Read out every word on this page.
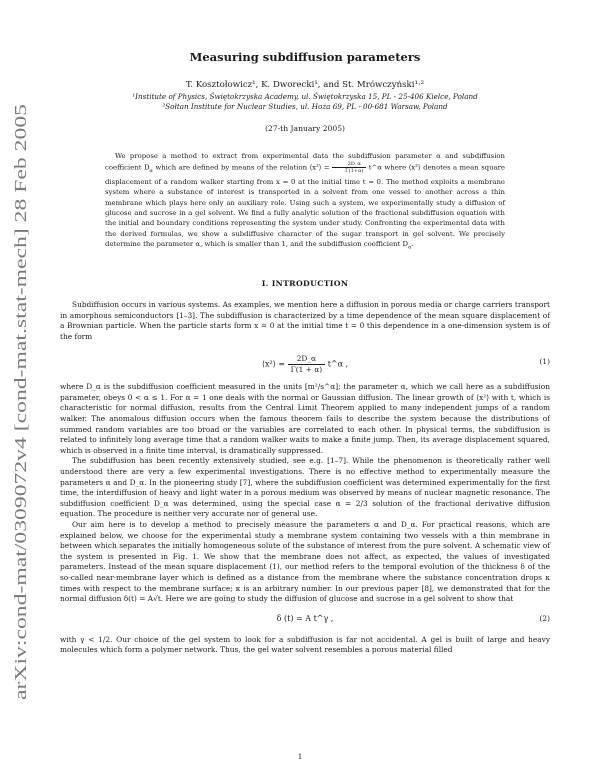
arXiv:cond-mat/0309072v4 [cond-mat.stat-mech] 28 Feb 2005
Measuring subdiffusion parameters
T. Kosztołowicz¹, K. Dworecki¹, and St. Mrówczyński¹·²

¹Institute of Physics, Świętokrzyska Academy, ul. Świętokrzyska 15, PL - 25-406 Kielce, Poland

²Sołtan Institute for Nuclear Studies, ul. Hoża 69, PL - 00-681 Warsaw, Poland

(27-th January 2005)

We propose a method to extract from experimental data the subdiffusion parameter α and subdiffusion coefficient $D_\alpha$ which are defined by means of the relation ⟨x²⟩ = $\frac{2D\_\alpha}{\Gamma(1+\alpha)}$ t^α where ⟨x²⟩ denotes a mean square displacement of a random walker starting from x = 0 at the initial time t = 0. The method exploits a membrane system where a substance of interest is transported in a solvent from one vessel to another across a thin membrane which plays here only an auxiliary role. Using such a system, we experimentally study a diffusion of glucose and sucrose in a gel solvent. We find a fully analytic solution of the fractional subdiffusion equation with the initial and boundary conditions representing the system under study. Confronting the experimental data with the derived formulas, we show a subdiffusive character of the sugar transport in gel solvent. We precisely determine the parameter α, which is smaller than 1, and the subdiffusion coefficient $D_\alpha$.

I. INTRODUCTION

Subdiffusion occurs in various systems. As examples, we mention here a diffusion in porous media or charge carriers transport in amorphous semiconductors [1–3]. The subdiffusion is characterized by a time dependence of the mean square displacement of a Brownian particle. When the particle starts form x = 0 at the initial time t = 0 this dependence in a one-dimension system is of the form

⟨x²⟩ = $\frac{2D\_\alpha}{\Gamma(1 + \alpha)}$ t^α ,	(1)

where D_α is the subdiffusion coefficient measured in the units [m²/s^α]; the parameter α, which we call here as a subdiffusion parameter, obeys 0 < α ≤ 1. For α = 1 one deals with the normal or Gaussian diffusion. The linear growth of ⟨x²⟩ with t, which is characteristic for normal diffusion, results from the Central Limit Theorem applied to many independent jumps of a random walker. The anomalous diffusion occurs when the famous theorem fails to describe the system because the distributions of summed random variables are too broad or the variables are correlated to each other. In physical terms, the subdiffusion is related to infinitely long average time that a random walker waits to make a finite jump. Then, its average displacement squared, which is observed in a finite time interval, is dramatically suppressed.

The subdiffusion has been recently extensively studied, see e.g. [1–7]. While the phenomenon is theoretically rather well understood there are very a few experimental investigations. There is no effective method to experimentally measure the parameters α and D_α. In the pioneering study [7], where the subdiffusion coefficient was determined experimentally for the first time, the interdiffusion of heavy and light water in a porous medium was observed by means of nuclear magnetic resonance. The subdiffusion coefficient D_α was determined, using the special case α = 2/3 solution of the fractional derivative diffusion equation. The procedure is neither very accurate nor of general use.

Our aim here is to develop a method to precisely measure the parameters α and D_α. For practical reasons, which are explained below, we choose for the experimental study a membrane system containing two vessels with a thin membrane in between which separates the initially homogeneous solute of the substance of interest from the pure solvent. A schematic view of the system is presented in Fig. 1. We show that the membrane does not affect, as expected, the values of investigated parameters. Instead of the mean square displacement (1), our method refers to the temporal evolution of the thickness δ of the so-called near-membrane layer which is defined as a distance from the membrane where the substance concentration drops κ times with respect to the membrane surface; κ is an arbitrary number. In our previous paper [8], we demonstrated that for the normal diffusion δ(t) = A√t. Here we are going to study the diffusion of glucose and sucrose in a gel solvent to show that

δ (t) = A t^γ ,	(2)

with γ < 1/2. Our choice of the gel system to look for a subdiffusion is far not accidental. A gel is built of large and heavy molecules which form a polymer network. Thus, the gel water solvent resembles a porous material filled

1
